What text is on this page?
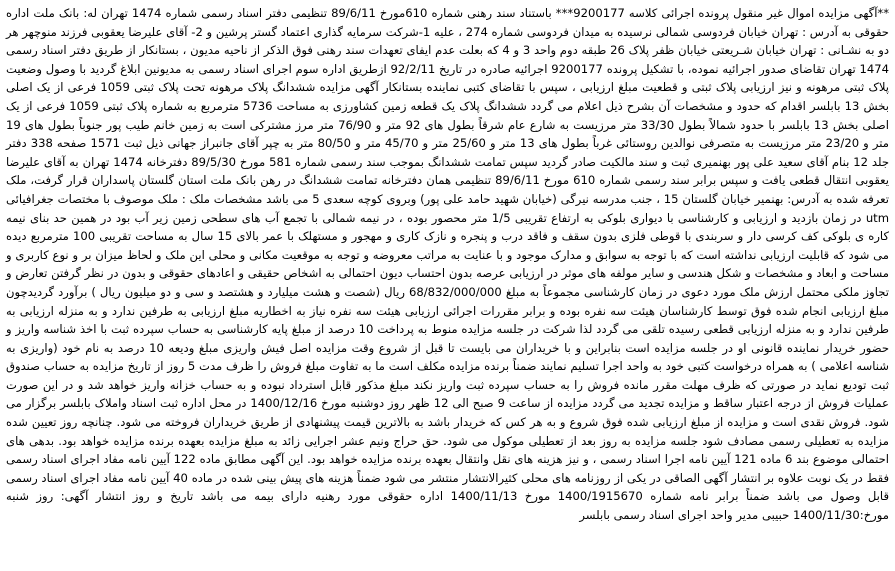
**آگهی مزایده اموال غیر منقول پرونده اجرائی کلاسه 9200177*** باستناد سند رهنی شماره 610مورخ 89/6/11 تنظیمی دفتر اسناد رسمی شماره 1474 تهران له: بانک ملت اداره حقوقی به آدرس : تهران خیابان فردوسی شمالی نرسیده به میدان فردوسی شماره 274 ، علیه 1-شرکت سرمایه گذاری اعتماد گستر پرشین و 2- آقای علیرضا یعقوبی فرزند منوچهر هر دو به نشـانی : تهران خیابان شـریعتی خیابان ظفر پلاک 26 طبقه دوم واحد 3 و 4 که بعلت عدم ایفای تعهدات سند رهنی فوق الذکر از ناحیه مدیون ، بستانکار از طریق دفتر اسناد رسمی 1474 تهران تقاضای صدور اجرائیه نموده، با تشکیل پرونده 9200177 اجرائیه صادره در تاریخ 92/2/11 ازطریق اداره سوم اجرای اسناد رسمی به مدیونین ابلاغ گردید با وصول وضعیت پلاک ثبتی مرهونه و نیز ارزیابی پلاک ثبتی و قطعیت مبلغ ارزیابی ، سپس با تقاضای کتبی نماینده بستانکار آگهی مزایده ششدانگ پلاک مرهونه تحت پلاک ثبتی 1059 فرعی از یک اصلی بخش 13 بابلسر اقدام که حدود و مشخصات آن بشرح ذیل اعلام می گردد ششدانگ پلاک یک قطعه زمین کشاورزی به مساحت 5736 مترمربع به شماره پلاک ثبتی 1059 فرعی از یک اصلی بخش 13 بابلسر با حدود شمالاً بطول 33/30 متر مرزیست به شارع عام شرقاً بطول های 92 متر و 76/90 متر مرز مشترکی است به زمین خانم طیب پور جنوباً بطول های 19 متر و 23/20 متر مرزیست به متصرفی نوالدین روستائی غرباً بطول های 13 متر و 25/60 متر و 45/70 متر و 80/50 متر به چپر آقای جانبراز جهانی ذیل ثبت 1571 صفحه 338 دفتر جلد 12 بنام آقای سعید علی پور بهنمیری ثبت و سند مالکیت صادر گردید سپس تمامت ششدانگ بموجب سند رسمی شماره 581 مورخ 89/5/30 دفترخانه 1474 تهران به آقای علیرضا یعقوبی انتقال قطعی یافت و سپس برابر سند رسمی شماره 610 مورخ 89/6/11 تنظیمی همان دفترخانه تمامت ششدانگ در رهن بانک ملت استان گلستان پاسداران قرار گرفت، ملک تعرفه شده به آدرس: بهنمیر خیابان گلستان 15 ، جنب مدرسه نیرگی (خیابان شهید حامد علی پور) وبروی کوچه سعدی 5 می باشد مشخصات ملک : ملک موصوف با مختصات جغرافیائی utm در زمان بازدید و ارزیابی و کارشناسی با دیواری بلوکی به ارتفاع تقریبی 1/5 متر محصور بوده ، در نیمه شمالی با تجمع آب های سطحی زمین زیر آب بود در همین حد بنای نیمه کاره ی بلوکی کف کرسی دار و سربندی با قوطی فلزی بدون سقف و فاقد درب و پنجره و نازک کاری و مهجور و مستهلک با عمر بالای 15 سال به مساحت تقریبی 100 مترمربع دیده می شود که قابلیت ارزیابی نداشته است که با توجه به سوابق و مدارک موجود و با عنایت به مراتب معروضه و توجه به موقعیت مکانی و محلی این ملک و لحاظ میزان بر و نوع کاربری و مساحت و ابعاد و مشخصات و شکل هندسی و سایر مولفه های موثر در ارزیابی عرصه بدون احتساب دیون احتمالی به اشخاص حقیقی و اعادهای حقوقی و بدون در نظر گرفتن تعارض و تجاوز ملکی محتمل ارزش ملک مورد دعوی در زمان کارشناسی مجموعاً به مبلغ 68/832/000/000 ریال (شصت و هشت میلیارد و هشتصد و سی و دو میلیون ریال ) برآورد گردیدچون مبلغ ارزیابی انجام شده فوق توسط کارشناسان هیئت سه نفره بوده و برابر مقررات اجرائی ارزیابی هیئت سه نفره نیاز به اخطاریه مبلغ ارزیابی به طرفین ندارد و به منزله ارزیابی به طرفین ندارد و به منزله ارزیابی قطعی رسیده تلقی می گردد لذا شرکت در جلسه مزایده منوط به پرداخت 10 درصد از مبلغ پایه کارشناسی به حساب سپرده ثبت با اخذ شناسه واریز و حضور خریدار نماینده قانونی او در جلسه مزایده است بنابراین و با خریداران می بایست تا قبل از شروع وقت مزایده اصل فیش واریزی مبلغ ودیعه 10 درصد به نام خود (واریزی به شناسه اعلامی ) به همراه درخواست کتبی خود به واحد اجرا تسلیم نمایند ضمناً برنده مزایده مکلف است ما به تفاوت مبلغ فروش را ظرف مدت 5 روز از تاریخ مزایده به حساب صندوق ثبت تودیع نماید در صورتی که ظرف مهلت مقرر مانده فروش را به حساب سپرده ثبت واریز نکند مبلغ مذکور قابل استرداد نبوده و به حساب خزانه واریز خواهد شد و در این صورت عملیات فروش از درجه اعتبار ساقط و مزایده تجدید می گردد مزایده از ساعت 9 صبح الی 12 ظهر روز دوشنبه مورخ 1400/12/16 در محل اداره ثبت اسناد واملاک بابلسر برگزار می شود. فروش نقدی است و مزایده از مبلغ ارزیابی شده فوق شروع و به هر کس که خریدار باشد به بالاترین قیمت پیشنهادی از طریق خریداران فروخته می شود. چنانچه روز تعیین شده مزایده به تعطیلی رسمی مصادف شود جلسه مزایده به روز بعد از تعطیلی موکول می شود. حق حراج ونیم عشر اجرایی زائد به مبلغ مزایده بعهده برنده مزایده خواهد بود. بدهی های احتمالی موضوع بند 6 ماده 121 آیین نامه اجرا اسناد رسمی ، و نیز هزینه های نقل وانتقال بعهده برنده مزایده خواهد بود. این آگهی مطابق ماده 122 آیین نامه مفاد اجرای اسناد رسمی فقط در یک نوبت علاوه بر انتشار آگهی الصاقی در یکی از روزنامه های محلی کثیرالانتشار منتشر می شود ضمناً هزینه های پیش بینی شده در ماده 40 آیین نامه مفاد اجرای اسناد رسمی قابل وصول می باشد ضمناً برابر نامه شماره 1400/1915670 مورخ 1400/11/13 اداره حقوقی مورد رهنیه دارای بیمه می باشد تاریخ و روز انتشار آگهی: روز شنبه مورخ:1400/11/30 حبیبی مدیر واحد اجرای اسناد رسمی بابلسر
